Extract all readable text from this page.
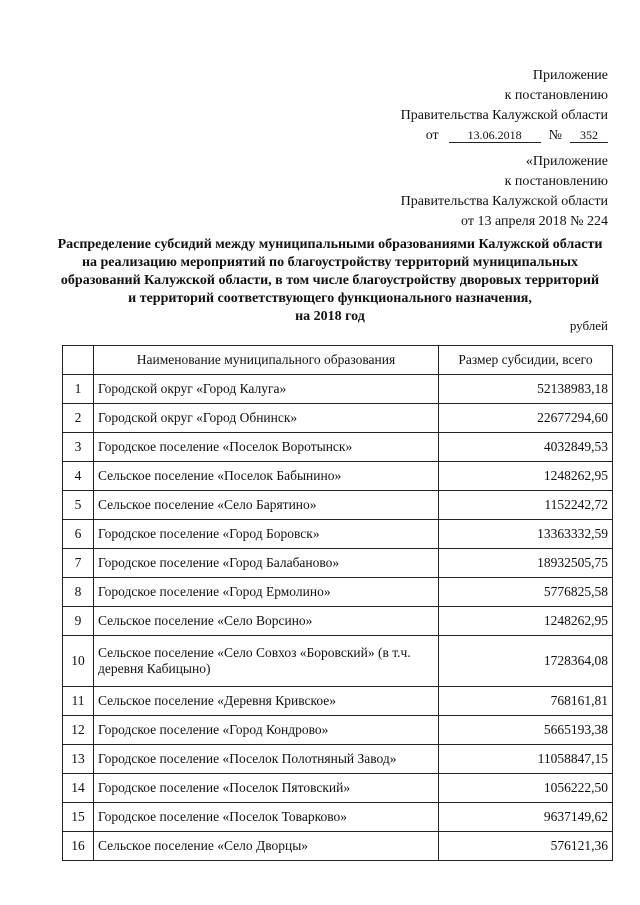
Приложение
к постановлению
Правительства Калужской области
от	13.06.2018	№	352
«Приложение
к постановлению
Правительства Калужской области
от 13 апреля 2018 № 224
Распределение субсидий между муниципальными образованиями Калужской области
на реализацию мероприятий по благоустройству территорий муниципальных
образований Калужской области, в том числе благоустройству дворовых территорий
и территорий соответствующего функционального назначения,
на 2018 год
рублей
	Наименование муниципального образования	Размер субсидии, всего
1	Городской округ «Город Калуга»	52138983,18
2	Городской округ «Город Обнинск»	22677294,60
3	Городское поселение «Поселок Воротынск»	4032849,53
4	Сельское поселение «Поселок Бабынино»	1248262,95
5	Сельское поселение «Село Барятино»	1152242,72
6	Городское поселение «Город Боровск»	13363332,59
7	Городское поселение «Город Балабаново»	18932505,75
8	Городское поселение «Город Ермолино»	5776825,58
9	Сельское поселение «Село Ворсино»	1248262,95
10	Сельское поселение «Село Совхоз «Боровский» (в т.ч. деревня Кабицыно)	1728364,08
11	Сельское поселение «Деревня Кривское»	768161,81
12	Городское поселение «Город Кондрово»	5665193,38
13	Городское поселение «Поселок Полотняный Завод»	11058847,15
14	Городское поселение «Поселок Пятовский»	1056222,50
15	Городское поселение «Поселок Товарково»	9637149,62
16	Сельское поселение «Село Дворцы»	576121,36
